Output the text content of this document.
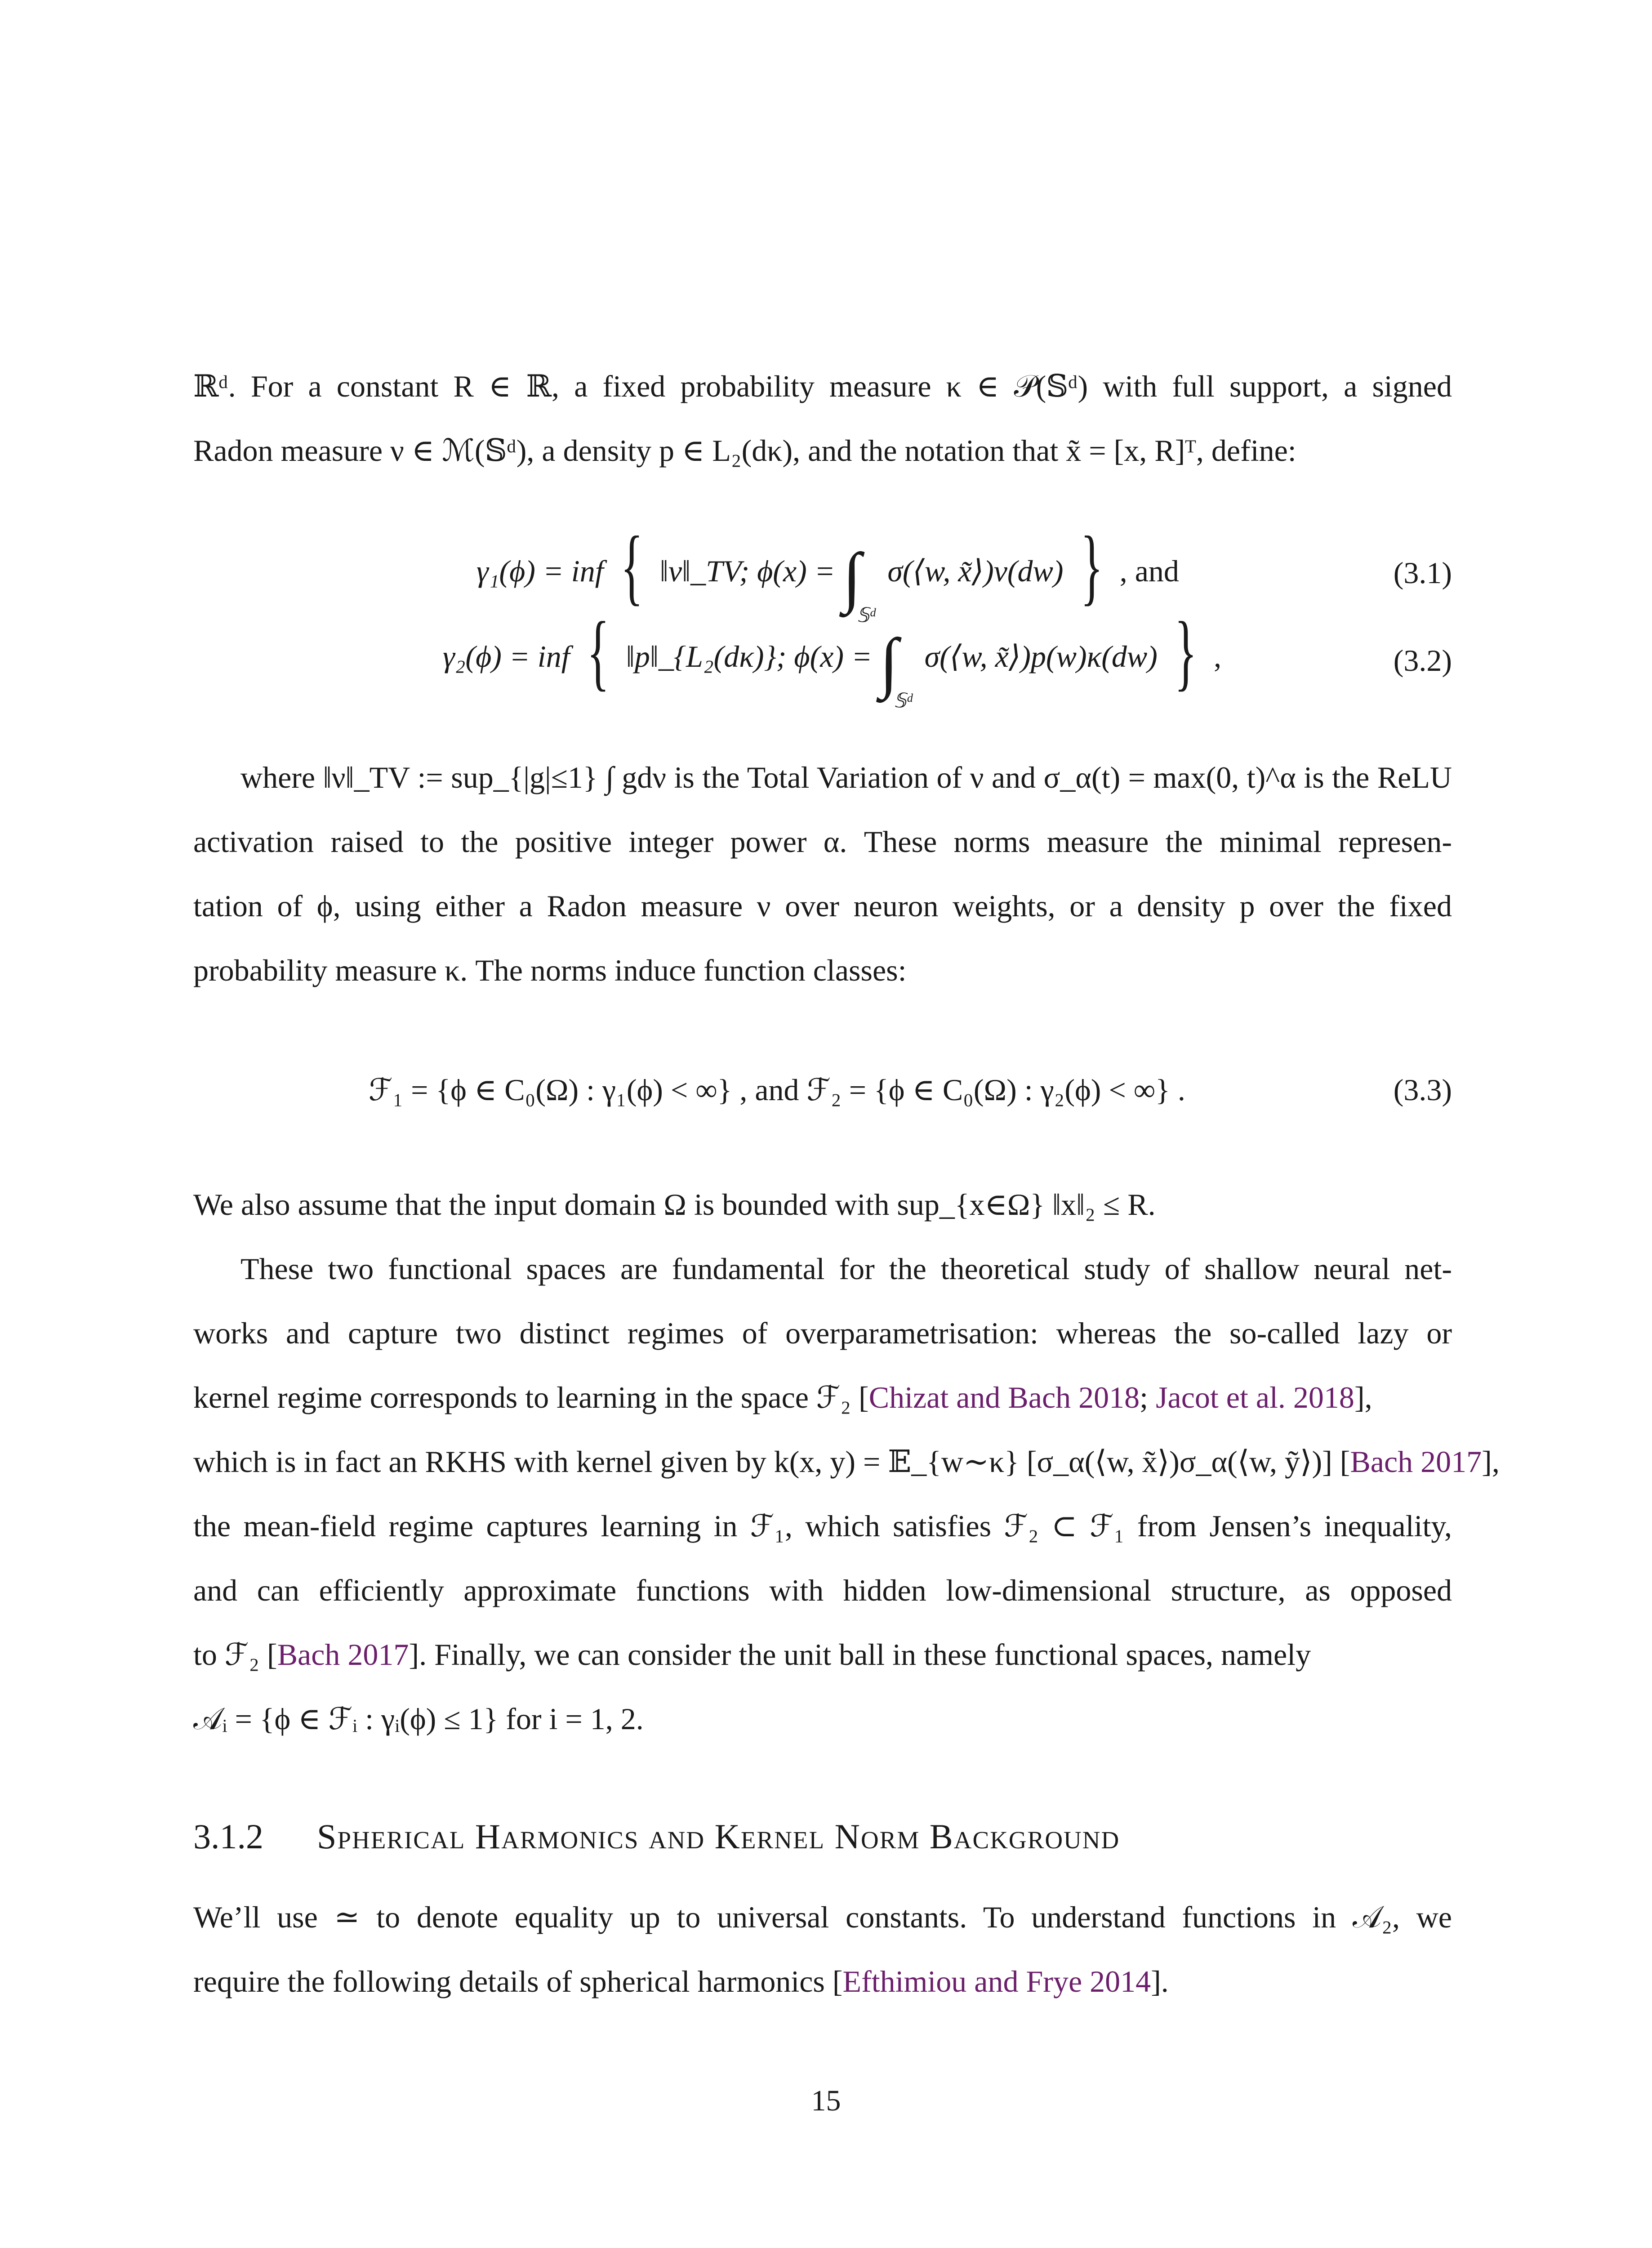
ℝᵈ. For a constant R ∈ ℝ, a fixed probability measure κ ∈ 𝒫(𝕊ᵈ) with full support, a signed
Radon measure ν ∈ ℳ(𝕊ᵈ), a density p ∈ L₂(dκ), and the notation that x̃ = [x, R]ᵀ, define:
γ₁(ϕ) = inf { ‖ν‖_TV; $\phi(x) = \int_{𝕊ᵈ}$ σ(⟨w, x̃⟩)ν(dw) } , and	(3.1)
γ₂(ϕ) = inf { ‖p‖_{L₂(dκ)}; $\phi(x) = \int_{𝕊ᵈ}$ σ(⟨w, x̃⟩)p(w)κ(dw) } ,	(3.2)
where ‖ν‖_TV := sup_{|g|≤1} ∫ gdν is the Total Variation of ν and σ_α(t) = max(0, t)^α is the ReLU
activation raised to the positive integer power α. These norms measure the minimal represen-
tation of ϕ, using either a Radon measure ν over neuron weights, or a density p over the fixed
probability measure κ. The norms induce function classes:
ℱ₁ = {ϕ ∈ C₀(Ω) : γ₁(ϕ) < ∞} , and ℱ₂ = {ϕ ∈ C₀(Ω) : γ₂(ϕ) < ∞} .	(3.3)
We also assume that the input domain Ω is bounded with sup_{x∈Ω} ‖x‖₂ ≤ R.
These two functional spaces are fundamental for the theoretical study of shallow neural net-
works and capture two distinct regimes of overparametrisation: whereas the so-called lazy or
kernel regime corresponds to learning in the space ℱ₂ [Chizat and Bach 2018; Jacot et al. 2018],
which is in fact an RKHS with kernel given by k(x, y) = 𝔼_{w∼κ} [σ_α(⟨w, x̃⟩)σ_α(⟨w, ỹ⟩)] [Bach 2017],
the mean-field regime captures learning in ℱ₁, which satisfies ℱ₂ ⊂ ℱ₁ from Jensen’s inequality,
and can efficiently approximate functions with hidden low-dimensional structure, as opposed
to ℱ₂ [Bach 2017]. Finally, we can consider the unit ball in these functional spaces, namely
𝒜ᵢ = {ϕ ∈ ℱᵢ : γᵢ(ϕ) ≤ 1} for i = 1, 2.
3.1.2 Spherical Harmonics and Kernel Norm Background
We’ll use ≃ to denote equality up to universal constants. To understand functions in 𝒜₂, we
require the following details of spherical harmonics [Efthimiou and Frye 2014].
15
